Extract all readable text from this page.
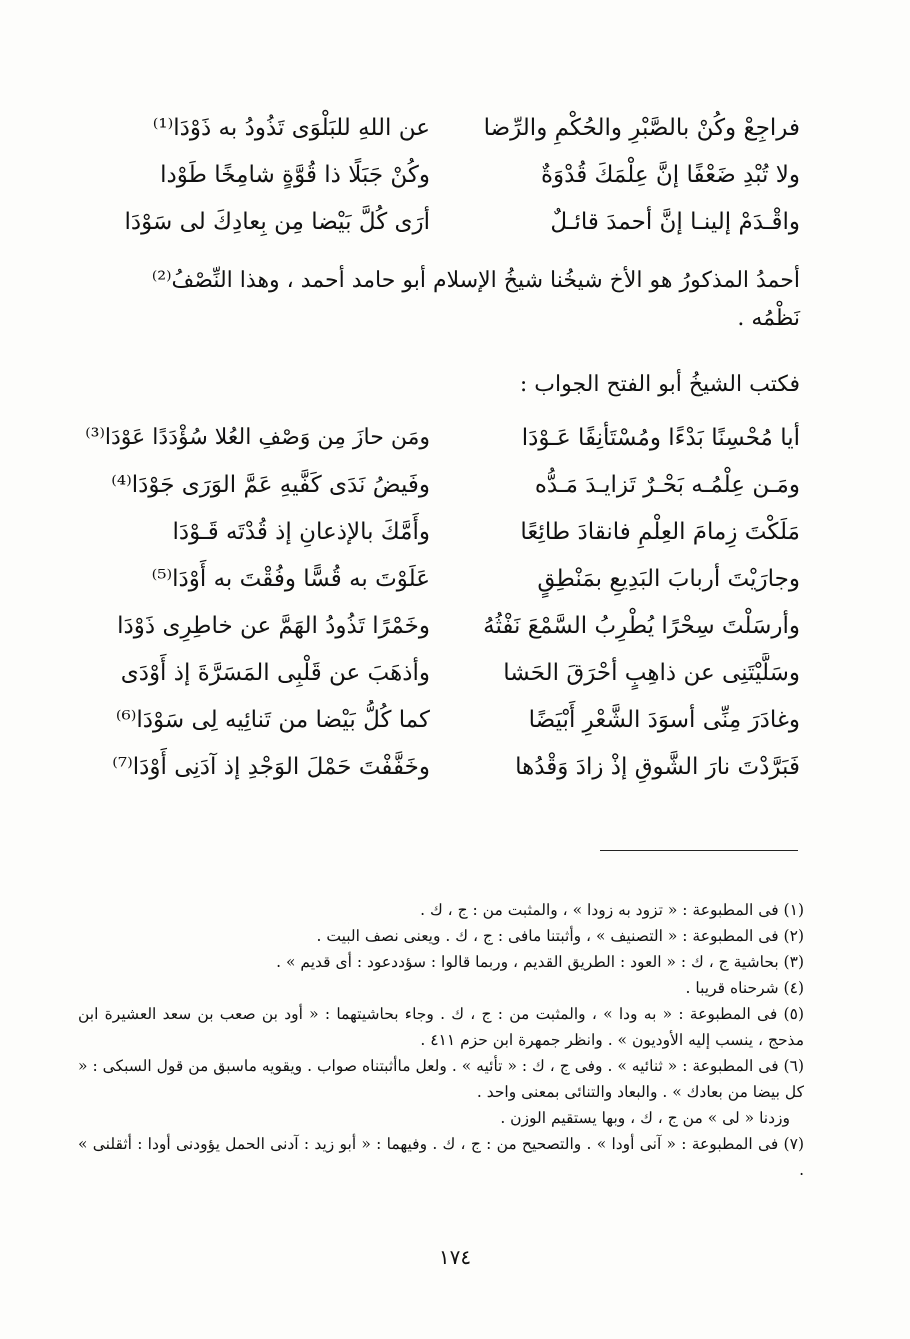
فراجِعْ وكُنْ بالصَّبْرِ والحُكْمِ والرِّضا
عن اللهِ للبَلْوَى تَذُودُ به ذَوْدَا⁽¹⁾
ولا تُبْدِ ضَعْفًا إنَّ عِلْمَكَ قُدْوَةٌ
وكُنْ جَبَلًا ذا قُوَّةٍ شامِخًا طَوْدا
واقْـدَمْ إلينـا إنَّ أحمدَ قائـلٌ
أرَى كُلَّ بَيْضا مِن بِعادِكَ لى سَوْدَا
أحمدُ المذكورُ هو الأخ شيخُنا شيخُ الإسلام أبو حامد أحمد ، وهذا النِّصْفُ⁽²⁾
نَظْمُه .
فكتب الشيخُ أبو الفتح الجواب :
أيا مُحْسِنًا بَدْءًا ومُسْتَأنِفًا عَـوْدَا
ومَن حازَ مِن وَصْفِ العُلا سُؤْدَدًا عَوْدَا⁽³⁾
ومَـن عِلْمُـه بَحْـرٌ تَزايـدَ مَـدُّه
وفَيضُ نَدَى كَفَّيهِ عَمَّ الوَرَى جَوْدَا⁽⁴⁾
مَلَكْتَ زِمامَ العِلْمِ فانقادَ طائِعًا
وأَمَّكَ بالإذعانِ إذ قُدْتَه قَـوْدَا
وجارَيْتَ أربابَ البَدِيعِ بمَنْطِقٍ
عَلَوْتَ به قُسًّا وفُقْتَ به أَوْدَا⁽⁵⁾
وأرسَلْتَ سِحْرًا يُطْرِبُ السَّمْعَ نَفْثُهُ
وخَمْرًا تَذُودُ الهَمَّ عن خاطِرِى ذَوْدَا
وسَلَّيْتَنِى عن ذاهِبٍ أحْرَقَ الحَشا
وأذهَبَ عن قَلْبِى المَسَرَّةَ إذ أَوْدَى
وغادَرَ مِنِّى أسوَدَ الشَّعْرِ أَبْيَضًا
كما كُلُّ بَيْضا من تَنائِيه لِى سَوْدَا⁽⁶⁾
فَبَرَّدْتَ نارَ الشَّوقِ إذْ زادَ وَقْدُها
وخَفَّفْتَ حَمْلَ الوَجْدِ إذ آدَنِى أَوْدَا⁽⁷⁾

(١) فى المطبوعة : « تزود به زودا » ، والمثبت من : ج ، ك .

(٢) فى المطبوعة : « التصنيف » ، وأثبتنا مافى : ج ، ك . ويعنى نصف البيت .

(٣) بحاشية ج ، ك : « العود : الطريق القديم ، وربما قالوا : سؤددعود : أى قديم » .

(٤) شرحناه قريبا .

(٥) فى المطبوعة : « به ودا » ، والمثبت من : ج ، ك . وجاء بحاشيتهما : « أود بن صعب بن سعد العشيرة ابن مذحج ، ينسب إليه الأوديون » . وانظر جمهرة ابن حزم ٤١١ .

(٦) فى المطبوعة : « ثنائيه » . وفى ج ، ك : « تأئيه » . ولعل ماأثبتناه صواب . ويقويه ماسبق من قول السبكى : « كل بيضا من بعادك » . والبعاد والتنائى بمعنى واحد .

وزدنا « لى » من ج ، ك ، وبها يستقيم الوزن .

(٧) فى المطبوعة : « آنى أودا » . والتصحيح من : ج ، ك . وفيهما : « أبو زيد : آدنى الحمل يؤودنى أودا : أثقلنى » .

١٧٤
